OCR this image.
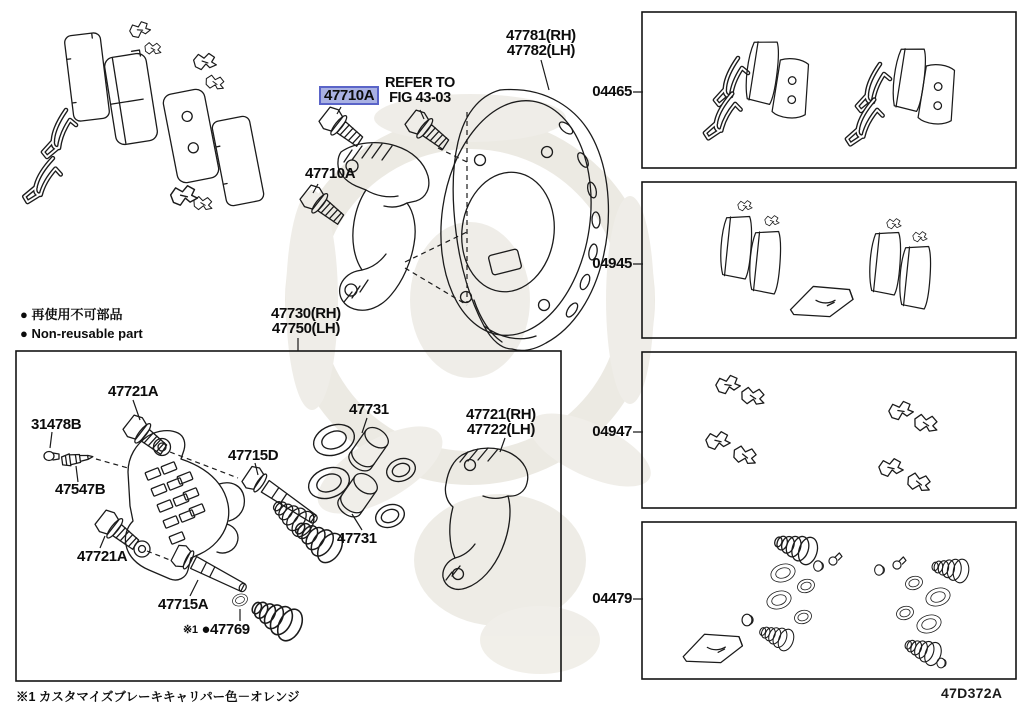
47710A
REFER TO
FIG 43-03
47710A
47781(RH)
47782(LH)
47730(RH)
47750(LH)
● 再使用不可部品
● Non-reusable part
47721A
31478B
47547B
47715D
47731	47721(RH)
47722(LH)
47731
47721A
47715A
※1 ●47769
04465
04945
04947
04479
※1 カスタマイズブレーキキャリパー色－オレンジ	47D372A
